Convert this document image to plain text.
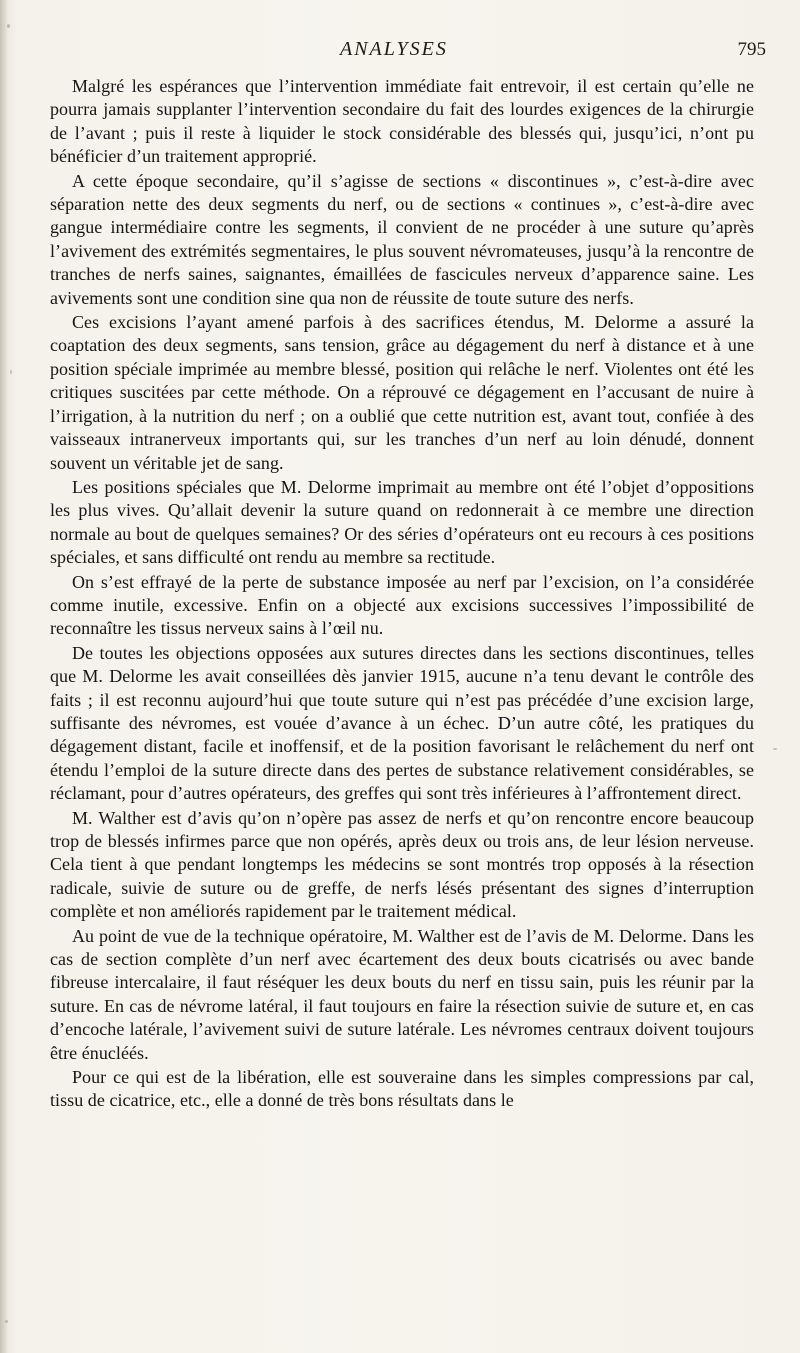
ANALYSES	795

Malgré les espérances que l’intervention immédiate fait entrevoir, il est certain qu’elle ne pourra jamais supplanter l’intervention secondaire du fait des lourdes exigences de la chirurgie de l’avant ; puis il reste à liquider le stock considérable des blessés qui, jusqu’ici, n’ont pu bénéficier d’un traitement approprié.

A cette époque secondaire, qu’il s’agisse de sections « discontinues », c’est-à-dire avec séparation nette des deux segments du nerf, ou de sections « continues », c’est-à-dire avec gangue intermédiaire contre les segments, il convient de ne procéder à une suture qu’après l’avivement des extrémités segmentaires, le plus souvent névromateuses, jusqu’à la rencontre de tranches de nerfs saines, saignantes, émaillées de fascicules nerveux d’apparence saine. Les avivements sont une condition sine qua non de réussite de toute suture des nerfs.

Ces excisions l’ayant amené parfois à des sacrifices étendus, M. Delorme a assuré la coaptation des deux segments, sans tension, grâce au dégagement du nerf à distance et à une position spéciale imprimée au membre blessé, position qui relâche le nerf. Violentes ont été les critiques suscitées par cette méthode. On a réprouvé ce dégagement en l’accusant de nuire à l’irrigation, à la nutrition du nerf ; on a oublié que cette nutrition est, avant tout, confiée à des vaisseaux intranerveux importants qui, sur les tranches d’un nerf au loin dénudé, donnent souvent un véritable jet de sang.

Les positions spéciales que M. Delorme imprimait au membre ont été l’objet d’oppositions les plus vives. Qu’allait devenir la suture quand on redonnerait à ce membre une direction normale au bout de quelques semaines? Or des séries d’opérateurs ont eu recours à ces positions spéciales, et sans difficulté ont rendu au membre sa rectitude.

On s’est effrayé de la perte de substance imposée au nerf par l’excision, on l’a considérée comme inutile, excessive. Enfin on a objecté aux excisions successives l’impossibilité de reconnaître les tissus nerveux sains à l’œil nu.

De toutes les objections opposées aux sutures directes dans les sections discontinues, telles que M. Delorme les avait conseillées dès janvier 1915, aucune n’a tenu devant le contrôle des faits ; il est reconnu aujourd’hui que toute suture qui n’est pas précédée d’une excision large, suffisante des névromes, est vouée d’avance à un échec. D’un autre côté, les pratiques du dégagement distant, facile et inoffensif, et de la position favorisant le relâchement du nerf ont étendu l’emploi de la suture directe dans des pertes de substance relativement considérables, se réclamant, pour d’autres opérateurs, des greffes qui sont très inférieures à l’affrontement direct.

M. Walther est d’avis qu’on n’opère pas assez de nerfs et qu’on rencontre encore beaucoup trop de blessés infirmes parce que non opérés, après deux ou trois ans, de leur lésion nerveuse. Cela tient à que pendant longtemps les médecins se sont montrés trop opposés à la résection radicale, suivie de suture ou de greffe, de nerfs lésés présentant des signes d’interruption complète et non améliorés rapidement par le traitement médical.

Au point de vue de la technique opératoire, M. Walther est de l’avis de M. Delorme. Dans les cas de section complète d’un nerf avec écartement des deux bouts cicatrisés ou avec bande fibreuse intercalaire, il faut réséquer les deux bouts du nerf en tissu sain, puis les réunir par la suture. En cas de névrome latéral, il faut toujours en faire la résection suivie de suture et, en cas d’encoche latérale, l’avivement suivi de suture latérale. Les névromes centraux doivent toujours être énucléés.

Pour ce qui est de la libération, elle est souveraine dans les simples compressions par cal, tissu de cicatrice, etc., elle a donné de très bons résultats dans le
